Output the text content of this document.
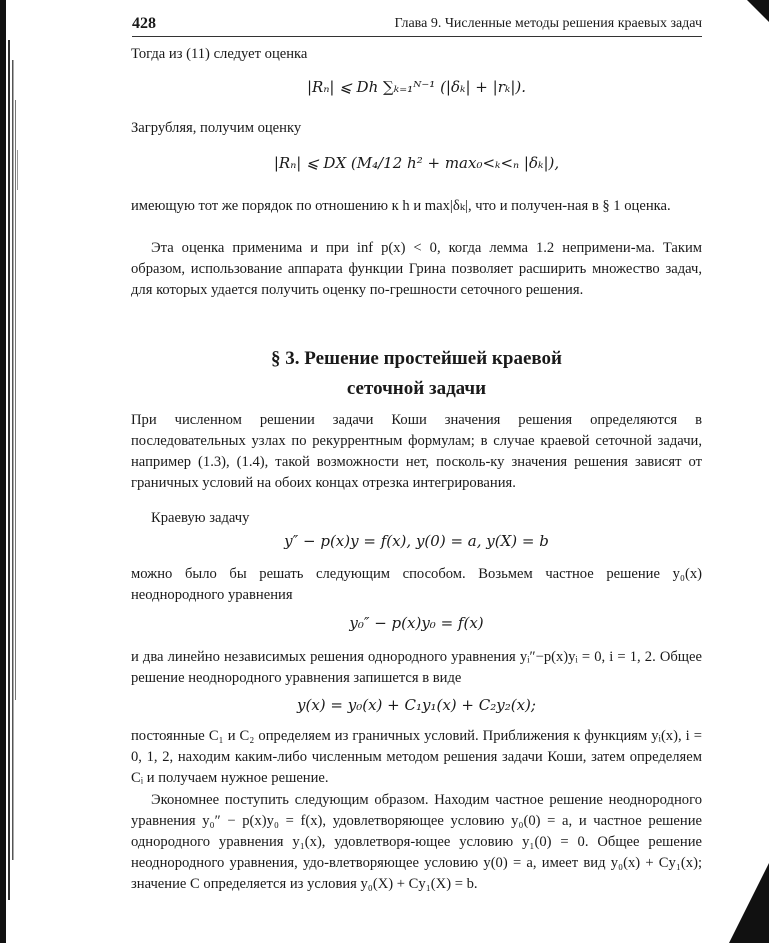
428	Глава 9. Численные методы решения краевых задач
Тогда из (11) следует оценка
|Rₙ| ⩽ Dh ∑ₖ₌₁ᴺ⁻¹ (|δₖ| + |rₖ|).
Загрубляя, получим оценку
|Rₙ| ⩽ DX (M₄/12 h² + max₀<ₖ<ₙ |δₖ|),
имеющую тот же порядок по отношению к h и max|δₖ|, что и получен-ная в § 1 оценка.
Эта оценка применима и при inf p(x) < 0, когда лемма 1.2 непримени-ма. Таким образом, использование аппарата функции Грина позволяет расширить множество задач, для которых удается получить оценку по-грешности сеточного решения.
§ 3. Решение простейшей краевой
сеточной задачи
При численном решении задачи Коши значения решения определяются в последовательных узлах по рекуррентным формулам; в случае краевой сеточной задачи, например (1.3), (1.4), такой возможности нет, посколь-ку значения решения зависят от граничных условий на обоих концах отрезка интегрирования.
Краевую задачу
y″ − p(x)y = f(x), y(0) = a, y(X) = b
можно было бы решать следующим способом. Возьмем частное решение y₀(x) неоднородного уравнения
y₀″ − p(x)y₀ = f(x)
и два линейно независимых решения однородного уравнения yᵢ″−p(x)yᵢ = 0, i = 1, 2. Общее решение неоднородного уравнения запишется в виде
y(x) = y₀(x) + C₁y₁(x) + C₂y₂(x);
постоянные C₁ и C₂ определяем из граничных условий. Приближения к функциям yᵢ(x), i = 0, 1, 2, находим каким-либо численным методом решения задачи Коши, затем определяем Cᵢ и получаем нужное решение.
Экономнее поступить следующим образом. Находим частное решение неоднородного уравнения y₀″ − p(x)y₀ = f(x), удовлетворяющее условию y₀(0) = a, и частное решение однородного уравнения y₁(x), удовлетворя-ющее условию y₁(0) = 0. Общее решение неоднородного уравнения, удо-влетворяющее условию y(0) = a, имеет вид y₀(x) + Cy₁(x); значение C определяется из условия y₀(X) + Cy₁(X) = b.
